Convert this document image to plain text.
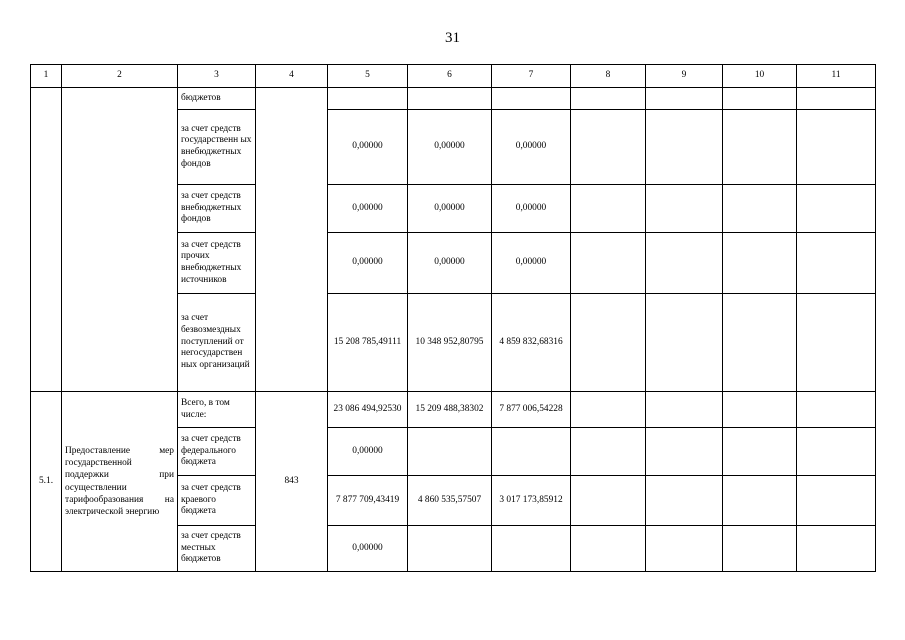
31
1	2	3	4	5	6	7	8	9	10	11
		бюджетов								
		за счет средств государственн ых внебюджетных фондов		0,00000	0,00000	0,00000				
		за счет средств внебюджетных фондов		0,00000	0,00000	0,00000				
		за счет средств прочих внебюджетных источников		0,00000	0,00000	0,00000				
		за счет безвозмездных поступлений от негосударствен ных организаций		15 208 785,49111	10 348 952,80795	4 859 832,68316				
5.1.	Предоставление мер государственной поддержки при осуществлении тарифообразования на электрической энергию	Всего, в том числе:	843	23 086 494,92530	15 209 488,38302	7 877 006,54228				
		за счет средств федерального бюджета		0,00000						
		за счет средств краевого бюджета		7 877 709,43419	4 860 535,57507	3 017 173,85912				
		за счет средств местных бюджетов		0,00000						
